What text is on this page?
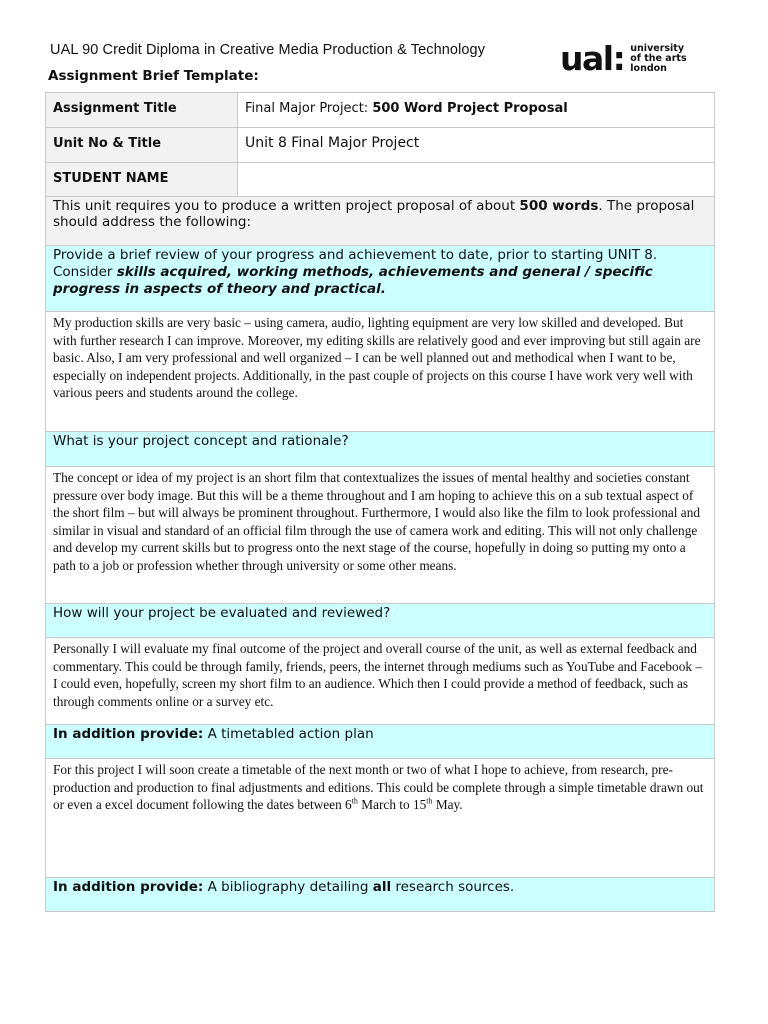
UAL 90 Credit Diploma in Creative Media Production & Technology
Assignment Brief Template:	ual: university
of the arts
london
Assignment Title	Final Major Project: 500 Word Project Proposal

Unit No & Title	Unit 8 Final Major Project

STUDENT NAME	

This unit requires you to produce a written project proposal of about 500 words. The proposal should address the following:	

Provide a brief review of your progress and achievement to date, prior to starting UNIT 8. Consider skills acquired, working methods, achievements and general / specific progress in aspects of theory and practical.	

My production skills are very basic – using camera, audio, lighting equipment are very low skilled and developed. But with further research I can improve. Moreover, my editing skills are relatively good and ever improving but still again are basic. Also, I am very professional and well organized – I can be well planned out and methodical when I want to be, especially on independent projects. Additionally, in the past couple of projects on this course I have work very well with various peers and students around the college.	

What is your project concept and rationale?	

The concept or idea of my project is an short film that contextualizes the issues of mental healthy and societies constant pressure over body image. But this will be a theme throughout and I am hoping to achieve this on a sub textual aspect of the short film – but will always be prominent throughout. Furthermore, I would also like the film to look professional and similar in visual and standard of an official film through the use of camera work and editing. This will not only challenge and develop my current skills but to progress onto the next stage of the course, hopefully in doing so putting my onto a path to a job or profession whether through university or some other means.	

How will your project be evaluated and reviewed?	

Personally I will evaluate my final outcome of the project and overall course of the unit, as well as external feedback and commentary. This could be through family, friends, peers, the internet through mediums such as YouTube and Facebook – I could even, hopefully, screen my short film to an audience. Which then I could provide a method of feedback, such as through comments online or a survey etc.	

In addition provide: A timetabled action plan	

For this project I will soon create a timetable of the next month or two of what I hope to achieve, from research, pre-production and production to final adjustments and editions. This could be complete through a simple timetable drawn out or even a excel document following the dates between 6th March to 15th May.	

In addition provide: A bibliography detailing all research sources.	
